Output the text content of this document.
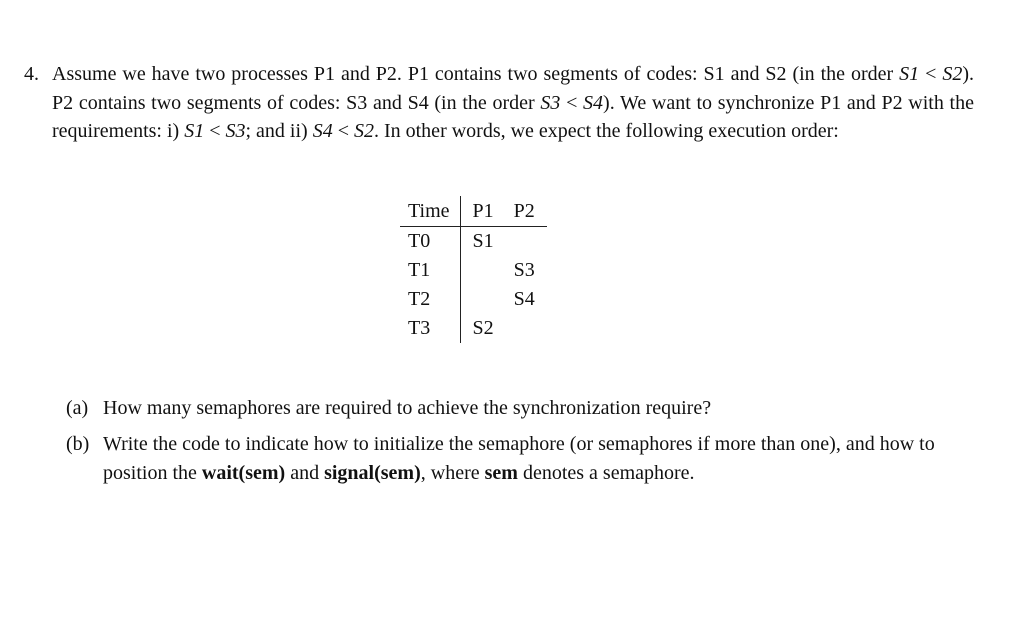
4. Assume we have two processes P1 and P2. P1 contains two segments of codes: S1 and S2 (in the order S1 < S2). P2 contains two segments of codes: S3 and S4 (in the order S3 < S4). We want to synchronize P1 and P2 with the requirements: i) S1 < S3; and ii) S4 < S2. In other words, we expect the following execution order:

Time	P1	P2
T0	S1	
T1		S3
T2		S4
T3	S2	
(a) How many semaphores are required to achieve the synchronization require?
(b) Write the code to indicate how to initialize the semaphore (or semaphores if more than one), and how to position the wait(sem) and signal(sem), where sem denotes a semaphore.
